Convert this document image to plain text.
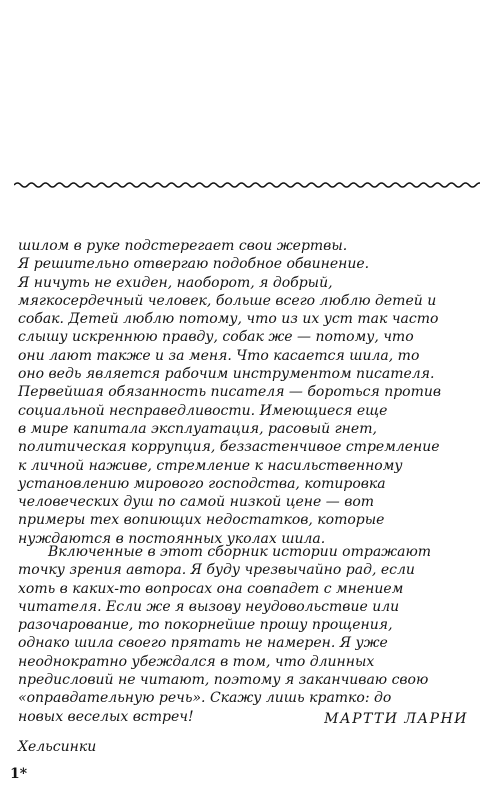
шилом в руке подстерегает свои жертвы.
Я решительно отвергаю подобное обвинение.
Я ничуть не ехиден, наоборот, я добрый,
мягкосердечный человек, больше всего люблю детей и
собак. Детей люблю потому, что из их уст так часто
слышу искреннюю правду, собак же — потому, что
они лают также и за меня. Что касается шила, то
оно ведь является рабочим инструментом писателя.
Первейшая обязанность писателя — бороться против
социальной несправедливости. Имеющиеся еще
в мире капитала эксплуатация, расовый гнет,
политическая коррупция, беззастенчивое стремление
к личной наживе, стремление к насильственному
установлению мирового господства, котировка
человеческих душ по самой низкой цене — вот
примеры тех вопиющих недостатков, которые
нуждаются в постоянных уколах шила.
Включенные в этот сборник истории отражают
точку зрения автора. Я буду чрезвычайно рад, если
хоть в каких-то вопросах она совпадет с мнением
читателя. Если же я вызову неудовольствие или
разочарование, то покорнейше прошу прощения,
однако шила своего прятать не намерен. Я уже
неоднократно убеждался в том, что длинных
предисловий не читают, поэтому я заканчиваю свою
«оправдательную речь». Скажу лишь кратко: до
новых веселых встреч!	МАРТТИ ЛАРНИ
Хельсинки
1*
